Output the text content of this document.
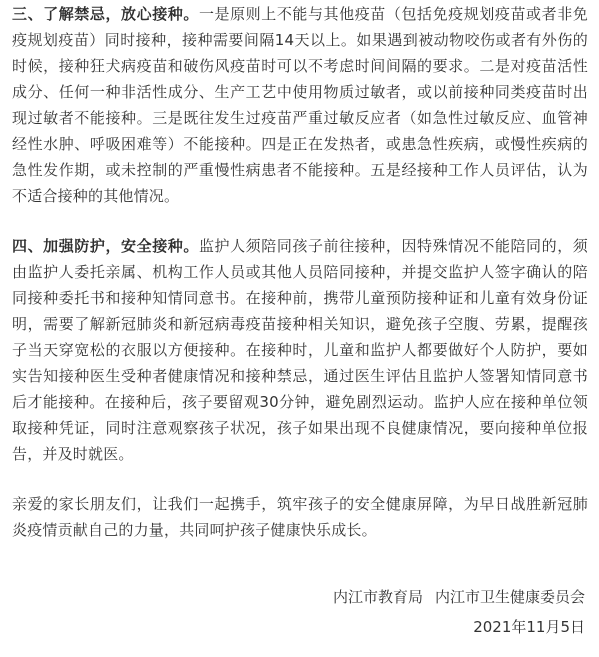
三、了解禁忌，放心接种。一是原则上不能与其他疫苗（包括免疫规划疫苗或者非免疫规划疫苗）同时接种，接种需要间隔14天以上。如果遇到被动物咬伤或者有外伤的时候，接种狂犬病疫苗和破伤风疫苗时可以不考虑时间间隔的要求。二是对疫苗活性成分、任何一种非活性成分、生产工艺中使用物质过敏者，或以前接种同类疫苗时出现过敏者不能接种。三是既往发生过疫苗严重过敏反应者（如急性过敏反应、血管神经性水肿、呼吸困难等）不能接种。四是正在发热者，或患急性疾病，或慢性疾病的急性发作期，或未控制的严重慢性病患者不能接种。五是经接种工作人员评估，认为不适合接种的其他情况。

四、加强防护，安全接种。监护人须陪同孩子前往接种，因特殊情况不能陪同的，须由监护人委托亲属、机构工作人员或其他人员陪同接种，并提交监护人签字确认的陪同接种委托书和接种知情同意书。在接种前，携带儿童预防接种证和儿童有效身份证明，需要了解新冠肺炎和新冠病毒疫苗接种相关知识，避免孩子空腹、劳累，提醒孩子当天穿宽松的衣服以方便接种。在接种时，儿童和监护人都要做好个人防护，要如实告知接种医生受种者健康情况和接种禁忌，通过医生评估且监护人签署知情同意书后才能接种。在接种后，孩子要留观30分钟，避免剧烈运动。监护人应在接种单位领取接种凭证，同时注意观察孩子状况，孩子如果出现不良健康情况，要向接种单位报告，并及时就医。

亲爱的家长朋友们，让我们一起携手，筑牢孩子的安全健康屏障，为早日战胜新冠肺炎疫情贡献自己的力量，共同呵护孩子健康快乐成长。

内江市教育局 内江市卫生健康委员会
2021年11月5日
